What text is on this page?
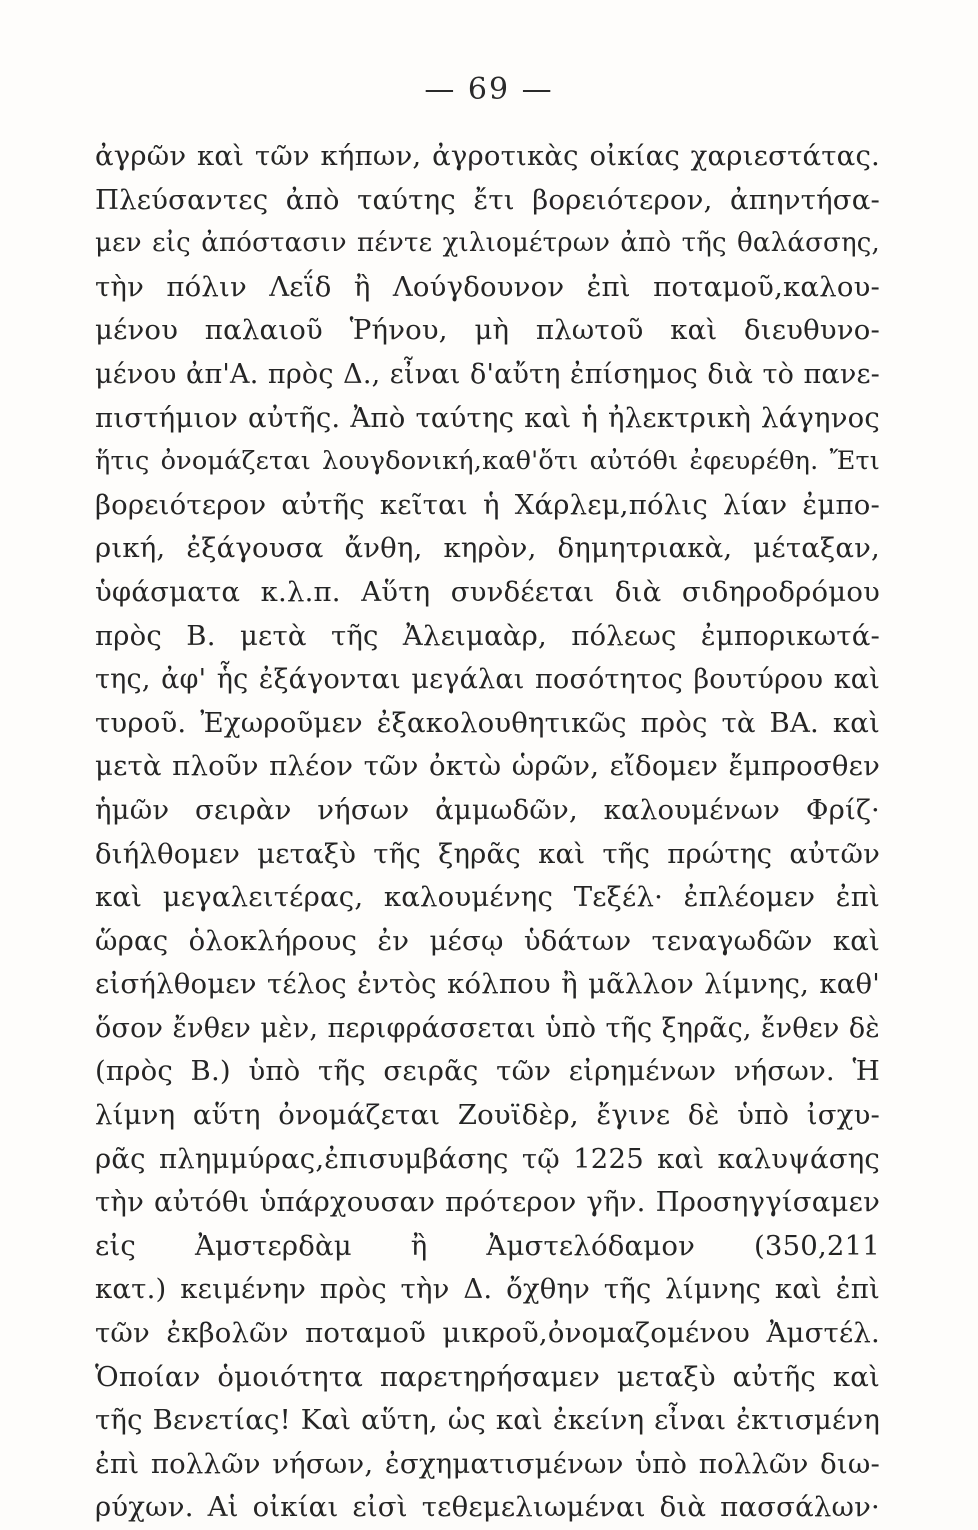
— 69 —
ἀγρῶν καὶ τῶν κήπων, ἀγροτικὰς οἰκίας χαριεστάτας.
Πλεύσαντες ἀπὸ ταύτης ἔτι βορειότερον, ἀπηντήσα-
μεν εἰς ἀπόστασιν πέντε χιλιομέτρων ἀπὸ τῆς θαλάσσης,
τὴν πόλιν Λεΐδ ἢ Λούγδουνον ἐπὶ ποταμοῦ,καλου-
μένου παλαιοῦ Ῥήνου, μὴ πλωτοῦ καὶ διευθυνο-
μένου ἀπ'Α. πρὸς Δ., εἶναι δ'αὔτη ἐπίσημος διὰ τὸ πανε-
πιστήμιον αὐτῆς. Ἀπὸ ταύτης καὶ ἡ ἠλεκτρικὴ λάγηνος
ἥτις ὀνομάζεται λουγδονική,καθ'ὅτι αὐτόθι ἐφευρέθη. Ἔτι
βορειότερον αὐτῆς κεῖται ἡ Χάρλεμ,πόλις λίαν ἐμπο-
ρική, ἐξάγουσα ἄνθη, κηρὸν, δημητριακὰ, μέταξαν,
ὑφάσματα κ.λ.π. Αὕτη συνδέεται διὰ σιδηροδρόμου
πρὸς Β. μετὰ τῆς Ἀλειμαὰρ, πόλεως ἐμπορικωτά-
της, ἀφ' ἧς ἐξάγονται μεγάλαι ποσότητος βουτύρου καὶ
τυροῦ. Ἐχωροῦμεν ἐξακολουθητικῶς πρὸς τὰ ΒΑ. καὶ
μετὰ πλοῦν πλέον τῶν ὀκτὼ ὡρῶν, εἴδομεν ἔμπροσθεν
ἡμῶν σειρὰν νήσων ἀμμωδῶν, καλουμένων Φρίζ·
διήλθομεν μεταξὺ τῆς ξηρᾶς καὶ τῆς πρώτης αὐτῶν
καὶ μεγαλειτέρας, καλουμένης Τεξέλ· ἐπλέομεν ἐπὶ
ὥρας ὁλοκλήρους ἐν μέσῳ ὑδάτων τεναγωδῶν καὶ
εἰσήλθομεν τέλος ἐντὸς κόλπου ἢ μᾶλλον λίμνης, καθ'
ὅσον ἔνθεν μὲν, περιφράσσεται ὑπὸ τῆς ξηρᾶς, ἔνθεν δὲ
(πρὸς Β.) ὑπὸ τῆς σειρᾶς τῶν εἰρημένων νήσων. Ἡ
λίμνη αὕτη ὀνομάζεται Ζουϊδὲρ, ἔγινε δὲ ὑπὸ ἰσχυ-
ρᾶς πλημμύρας,ἐπισυμβάσης τῷ 1225 καὶ καλυψάσης
τὴν αὐτόθι ὑπάρχουσαν πρότερον γῆν. Προσηγγίσαμεν
εἰς Ἀμστερδὰμ ἢ Ἀμστελόδαμον (350,211
κατ.) κειμένην πρὸς τὴν Δ. ὄχθην τῆς λίμνης καὶ ἐπὶ
τῶν ἐκβολῶν ποταμοῦ μικροῦ,ὀνομαζομένου Ἀμστέλ.
Ὁποίαν ὁμοιότητα παρετηρήσαμεν μεταξὺ αὐτῆς καὶ
τῆς Βενετίας! Καὶ αὕτη, ὡς καὶ ἐκείνη εἶναι ἐκτισμένη
ἐπὶ πολλῶν νήσων, ἐσχηματισμένων ὑπὸ πολλῶν διω-
ρύχων. Αἱ οἰκίαι εἰσὶ τεθεμελιωμέναι διὰ πασσάλων·
